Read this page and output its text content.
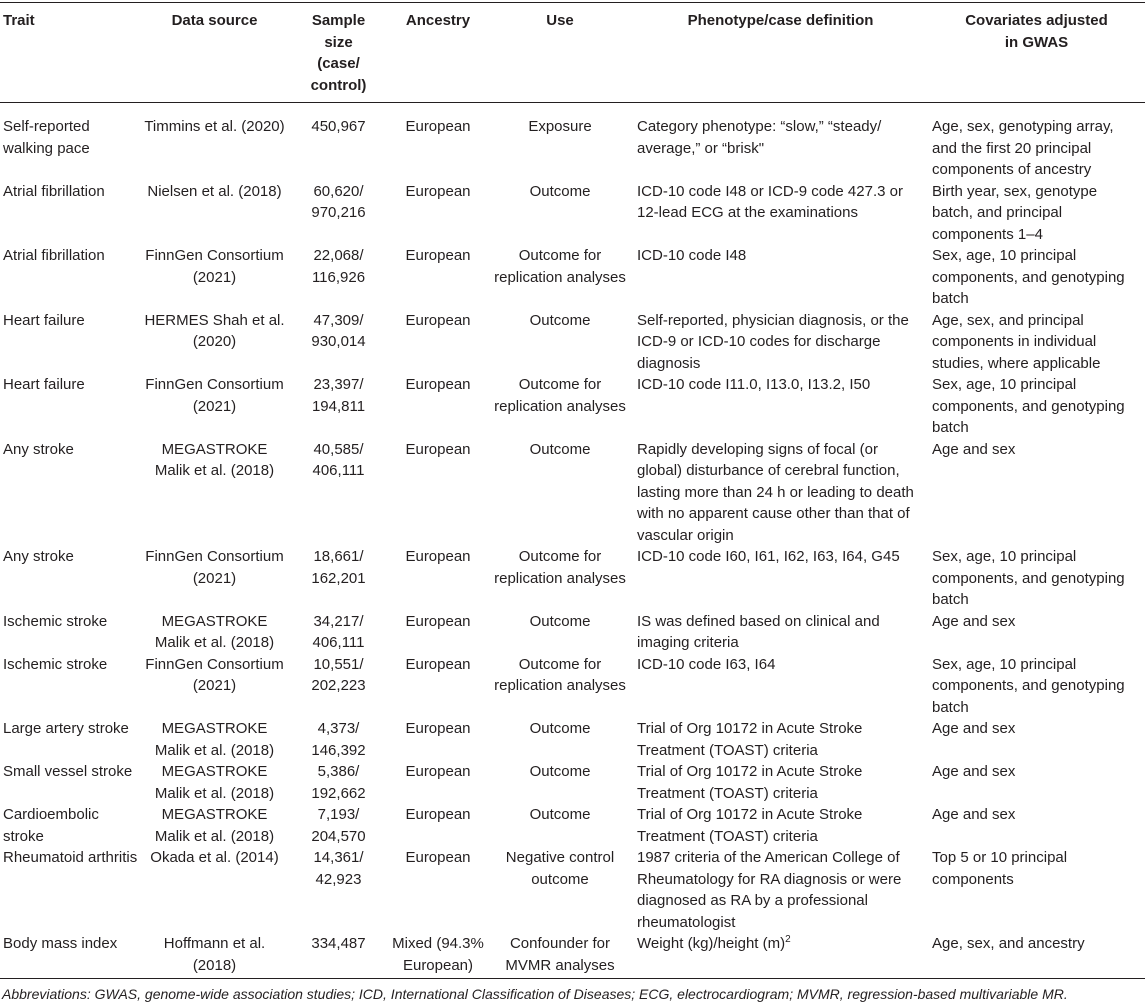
Trait	Data source	Sample size (case/ control)	Ancestry	Use	Phenotype/case definition	Covariates adjusted in GWAS
Self-reported walking pace	Timmins et al. (2020)	450,967	European	Exposure	Category phenotype: “slow,” “steady/ average,” or “brisk"	Age, sex, genotyping array, and the first 20 principal components of ancestry
Atrial fibrillation	Nielsen et al. (2018)	60,620/ 970,216	European	Outcome	ICD-10 code I48 or ICD-9 code 427.3 or 12-lead ECG at the examinations	Birth year, sex, genotype batch, and principal components 1–4
Atrial fibrillation	FinnGen Consortium (2021)	22,068/ 116,926	European	Outcome for replication analyses	ICD-10 code I48	Sex, age, 10 principal components, and genotyping batch
Heart failure	HERMES Shah et al. (2020)	47,309/ 930,014	European	Outcome	Self-reported, physician diagnosis, or the ICD-9 or ICD-10 codes for discharge diagnosis	Age, sex, and principal components in individual studies, where applicable
Heart failure	FinnGen Consortium (2021)	23,397/ 194,811	European	Outcome for replication analyses	ICD-10 code I11.0, I13.0, I13.2, I50	Sex, age, 10 principal components, and genotyping batch
Any stroke	MEGASTROKE Malik et al. (2018)	40,585/ 406,111	European	Outcome	Rapidly developing signs of focal (or global) disturbance of cerebral function, lasting more than 24 h or leading to death with no apparent cause other than that of vascular origin	Age and sex
Any stroke	FinnGen Consortium (2021)	18,661/ 162,201	European	Outcome for replication analyses	ICD-10 code I60, I61, I62, I63, I64, G45	Sex, age, 10 principal components, and genotyping batch
Ischemic stroke	MEGASTROKE Malik et al. (2018)	34,217/ 406,111	European	Outcome	IS was defined based on clinical and imaging criteria	Age and sex
Ischemic stroke	FinnGen Consortium (2021)	10,551/ 202,223	European	Outcome for replication analyses	ICD-10 code I63, I64	Sex, age, 10 principal components, and genotyping batch
Large artery stroke	MEGASTROKE Malik et al. (2018)	4,373/ 146,392	European	Outcome	Trial of Org 10172 in Acute Stroke Treatment (TOAST) criteria	Age and sex
Small vessel stroke	MEGASTROKE Malik et al. (2018)	5,386/ 192,662	European	Outcome	Trial of Org 10172 in Acute Stroke Treatment (TOAST) criteria	Age and sex
Cardioembolic stroke	MEGASTROKE Malik et al. (2018)	7,193/ 204,570	European	Outcome	Trial of Org 10172 in Acute Stroke Treatment (TOAST) criteria	Age and sex
Rheumatoid arthritis	Okada et al. (2014)	14,361/ 42,923	European	Negative control outcome	1987 criteria of the American College of Rheumatology for RA diagnosis or were diagnosed as RA by a professional rheumatologist	Top 5 or 10 principal components
Body mass index	Hoffmann et al. (2018)	334,487	Mixed (94.3% European)	Confounder for MVMR analyses	Weight (kg)/height $(m)^2$	Age, sex, and ancestry
Abbreviations: GWAS, genome-wide association studies; ICD, International Classification of Diseases; ECG, electrocardiogram; MVMR, regression-based multivariable MR.
